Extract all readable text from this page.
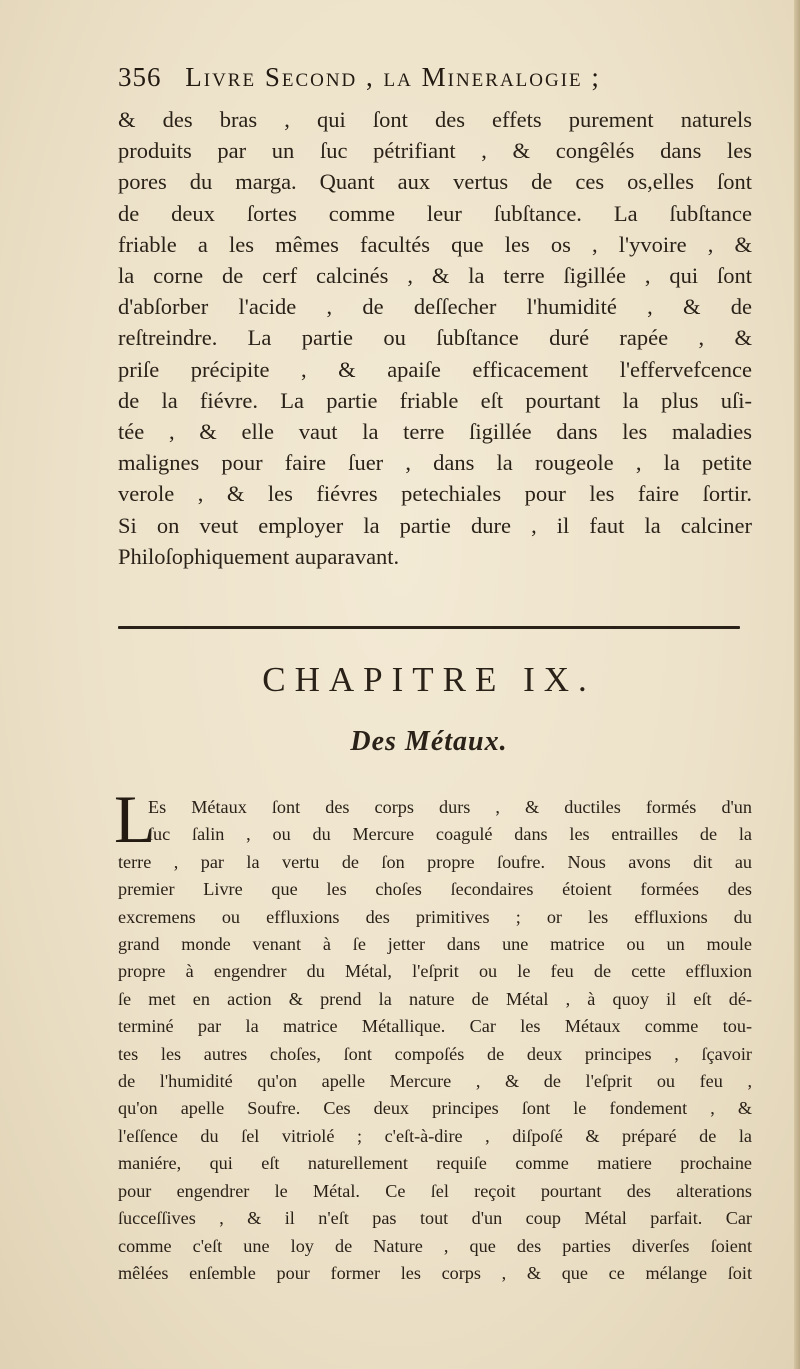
356 Livre Second , la Mineralogie ;
& des bras , qui ſont des effets purement naturels
produits par un ſuc pétrifiant , & congêlés dans les
pores du marga. Quant aux vertus de ces os,elles ſont
de deux ſortes comme leur ſubſtance. La ſubſtance
friable a les mêmes facultés que les os , l'yvoire , &
la corne de cerf calcinés , & la terre ſigillée , qui ſont
d'abſorber l'acide , de deſſecher l'humidité , & de
reſtreindre. La partie ou ſubſtance duré rapée , &
priſe précipite , & apaiſe efficacement l'effervefcence
de la fiévre. La partie friable eſt pourtant la plus uſi-
tée , & elle vaut la terre ſigillée dans les maladies
malignes pour faire ſuer , dans la rougeole , la petite
verole , & les fiévres petechiales pour les faire ſortir.
Si on veut employer la partie dure , il faut la calciner
Philoſophiquement auparavant.
CHAPITRE IX.
Des Métaux.
L
Es Métaux ſont des corps durs , & ductiles formés d'un
ſuc ſalin , ou du Mercure coagulé dans les entrailles de la
terre , par la vertu de ſon propre ſoufre. Nous avons dit au
premier Livre que les choſes ſecondaires étoient formées des
excremens ou effluxions des primitives ; or les effluxions du
grand monde venant à ſe jetter dans une matrice ou un moule
propre à engendrer du Métal, l'eſprit ou le feu de cette effluxion
ſe met en action & prend la nature de Métal , à quoy il eſt dé-
terminé par la matrice Métallique. Car les Métaux comme tou-
tes les autres choſes, ſont compoſés de deux principes , ſçavoir
de l'humidité qu'on apelle Mercure , & de l'eſprit ou feu ,
qu'on apelle Soufre. Ces deux principes ſont le fondement , &
l'eſſence du ſel vitriolé ; c'eſt-à-dire , diſpoſé & préparé de la
maniére, qui eſt naturellement requiſe comme matiere prochaine
pour engendrer le Métal. Ce ſel reçoit pourtant des alterations
ſucceſſives , & il n'eſt pas tout d'un coup Métal parfait. Car
comme c'eſt une loy de Nature , que des parties diverſes ſoient
mêlées enſemble pour former les corps , & que ce mélange ſoit
